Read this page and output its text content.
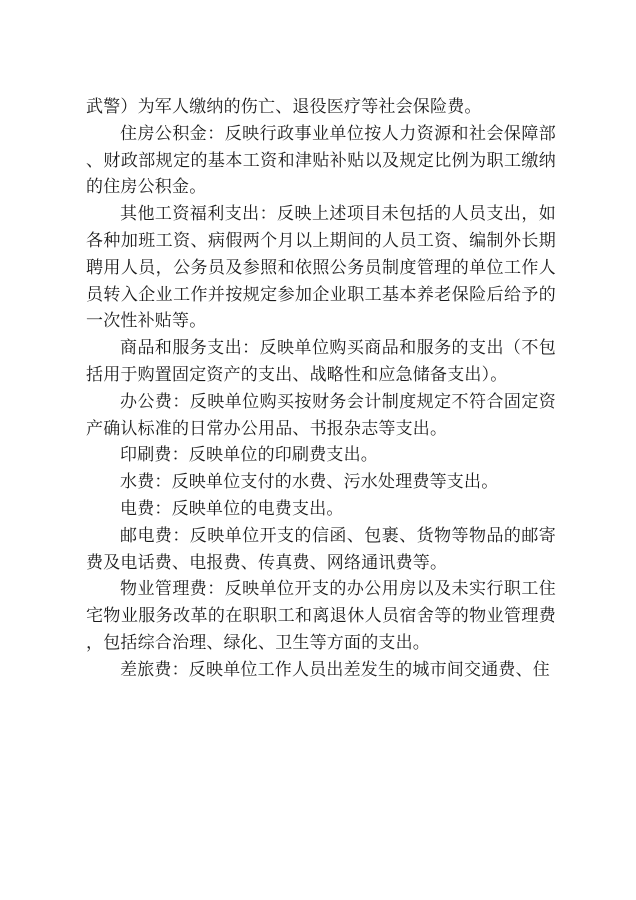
武警）为军人缴纳的伤亡、退役医疗等社会保险费。

住房公积金：反映行政事业单位按人力资源和社会保障部、财政部规定的基本工资和津贴补贴以及规定比例为职工缴纳的住房公积金。

其他工资福利支出：反映上述项目未包括的人员支出，如各种加班工资、病假两个月以上期间的人员工资、编制外长期聘用人员，公务员及参照和依照公务员制度管理的单位工作人员转入企业工作并按规定参加企业职工基本养老保险后给予的一次性补贴等。

商品和服务支出：反映单位购买商品和服务的支出（不包括用于购置固定资产的支出、战略性和应急储备支出）。

办公费：反映单位购买按财务会计制度规定不符合固定资产确认标准的日常办公用品、书报杂志等支出。

印刷费：反映单位的印刷费支出。

水费：反映单位支付的水费、污水处理费等支出。

电费：反映单位的电费支出。

邮电费：反映单位开支的信函、包裹、货物等物品的邮寄费及电话费、电报费、传真费、网络通讯费等。

物业管理费：反映单位开支的办公用房以及未实行职工住宅物业服务改革的在职职工和离退休人员宿舍等的物业管理费，包括综合治理、绿化、卫生等方面的支出。

差旅费：反映单位工作人员出差发生的城市间交通费、住
